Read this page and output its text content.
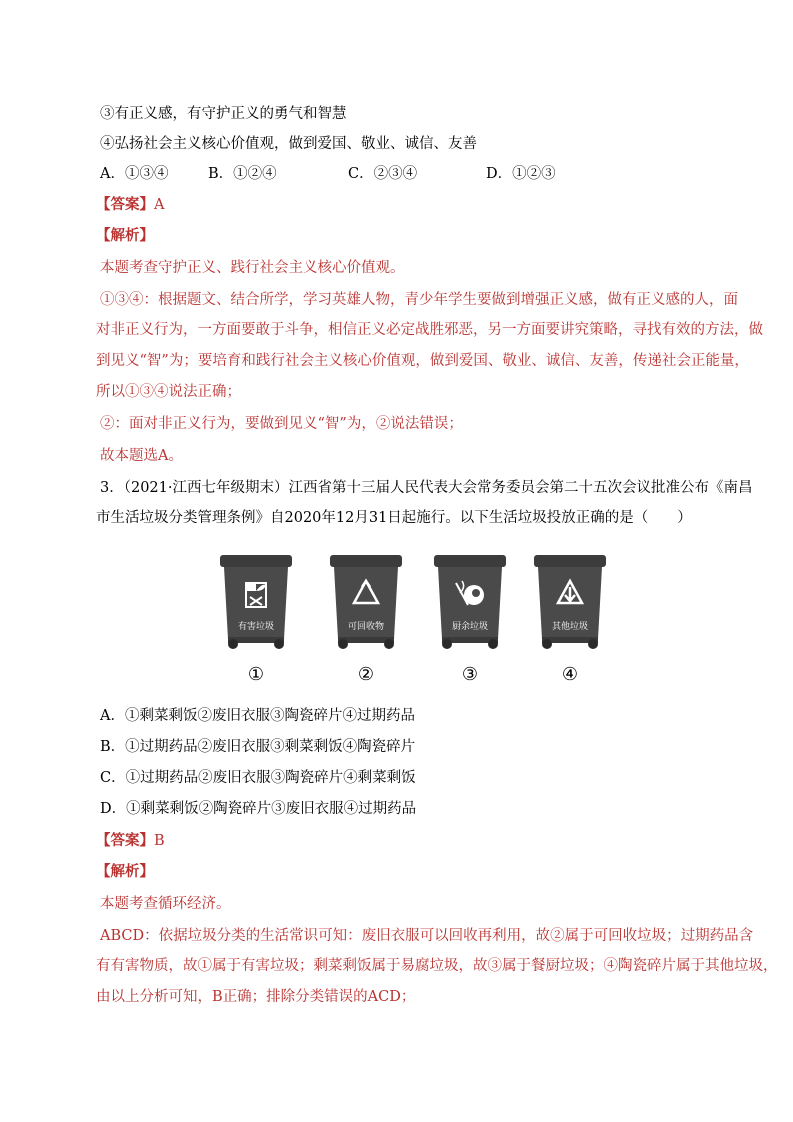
③有正义感，有守护正义的勇气和智慧
④弘扬社会主义核心价值观，做到爱国、敬业、诚信、友善
A．①③④	B．①②④	C．②③④	D．①②③
【答案】A
【解析】
本题考查守护正义、践行社会主义核心价值观。
①③④：根据题文、结合所学，学习英雄人物，青少年学生要做到增强正义感，做有正义感的人，面
对非正义行为，一方面要敢于斗争，相信正义必定战胜邪恶，另一方面要讲究策略，寻找有效的方法，做
到见义“智”为；要培育和践行社会主义核心价值观，做到爱国、敬业、诚信、友善，传递社会正能量，
所以①③④说法正确；
②：面对非正义行为，要做到见义“智”为，②说法错误；
故本题选A。
3．（2021·江西七年级期末）江西省第十三届人民代表大会常务委员会第二十五次会议批准公布《南昌
市生活垃圾分类管理条例》自2020年12月31日起施行。以下生活垃圾投放正确的是（　　）
有害垃圾
①
可回收物
②
厨余垃圾
③
其他垃圾
④
A．①剩菜剩饭②废旧衣服③陶瓷碎片④过期药品
B．①过期药品②废旧衣服③剩菜剩饭④陶瓷碎片
C．①过期药品②废旧衣服③陶瓷碎片④剩菜剩饭
D．①剩菜剩饭②陶瓷碎片③废旧衣服④过期药品
【答案】B
【解析】
本题考查循环经济。
ABCD：依据垃圾分类的生活常识可知：废旧衣服可以回收再利用，故②属于可回收垃圾；过期药品含
有有害物质，故①属于有害垃圾；剩菜剩饭属于易腐垃圾，故③属于餐厨垃圾；④陶瓷碎片属于其他垃圾，
由以上分析可知，B正确；排除分类错误的ACD；
